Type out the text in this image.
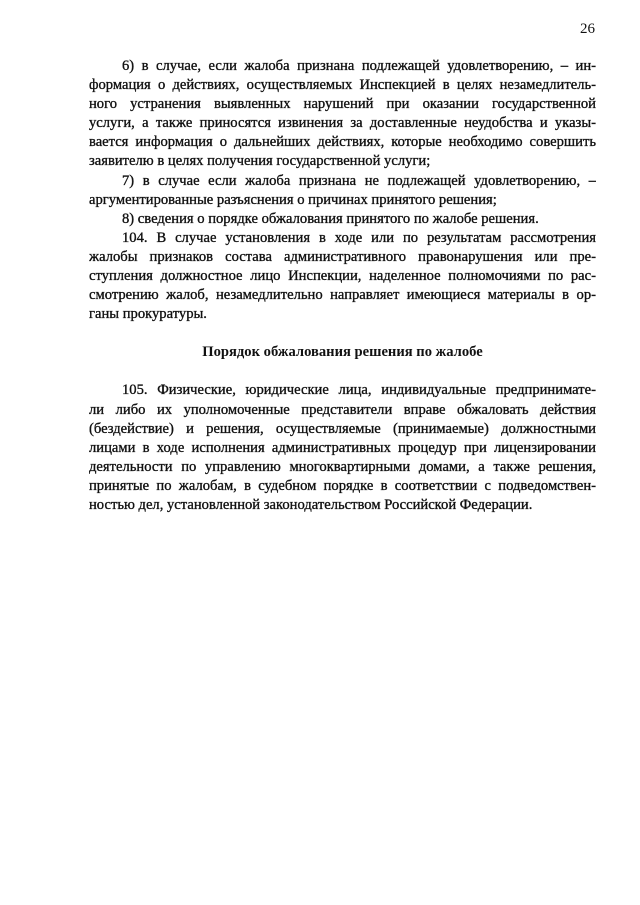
26
6) в случае, если жалоба признана подлежащей удовлетворению, – ин-
формация о действиях, осуществляемых Инспекцией в целях незамедлитель-
ного устранения выявленных нарушений при оказании государственной
услуги, а также приносятся извинения за доставленные неудобства и указы-
вается информация о дальнейших действиях, которые необходимо совершить
заявителю в целях получения государственной услуги;
7) в случае если жалоба признана не подлежащей удовлетворению, –
аргументированные разъяснения о причинах принятого решения;
8) сведения о порядке обжалования принятого по жалобе решения.
104. В случае установления в ходе или по результатам рассмотрения
жалобы признаков состава административного правонарушения или пре-
ступления должностное лицо Инспекции, наделенное полномочиями по рас-
смотрению жалоб, незамедлительно направляет имеющиеся материалы в ор-
ганы прокуратуры.
Порядок обжалования решения по жалобе
105. Физические, юридические лица, индивидуальные предпринимате-
ли либо их уполномоченные представители вправе обжаловать действия
(бездействие) и решения, осуществляемые (принимаемые) должностными
лицами в ходе исполнения административных процедур при лицензировании
деятельности по управлению многоквартирными домами, а также решения,
принятые по жалобам, в судебном порядке в соответствии с подведомствен-
ностью дел, установленной законодательством Российской Федерации.
